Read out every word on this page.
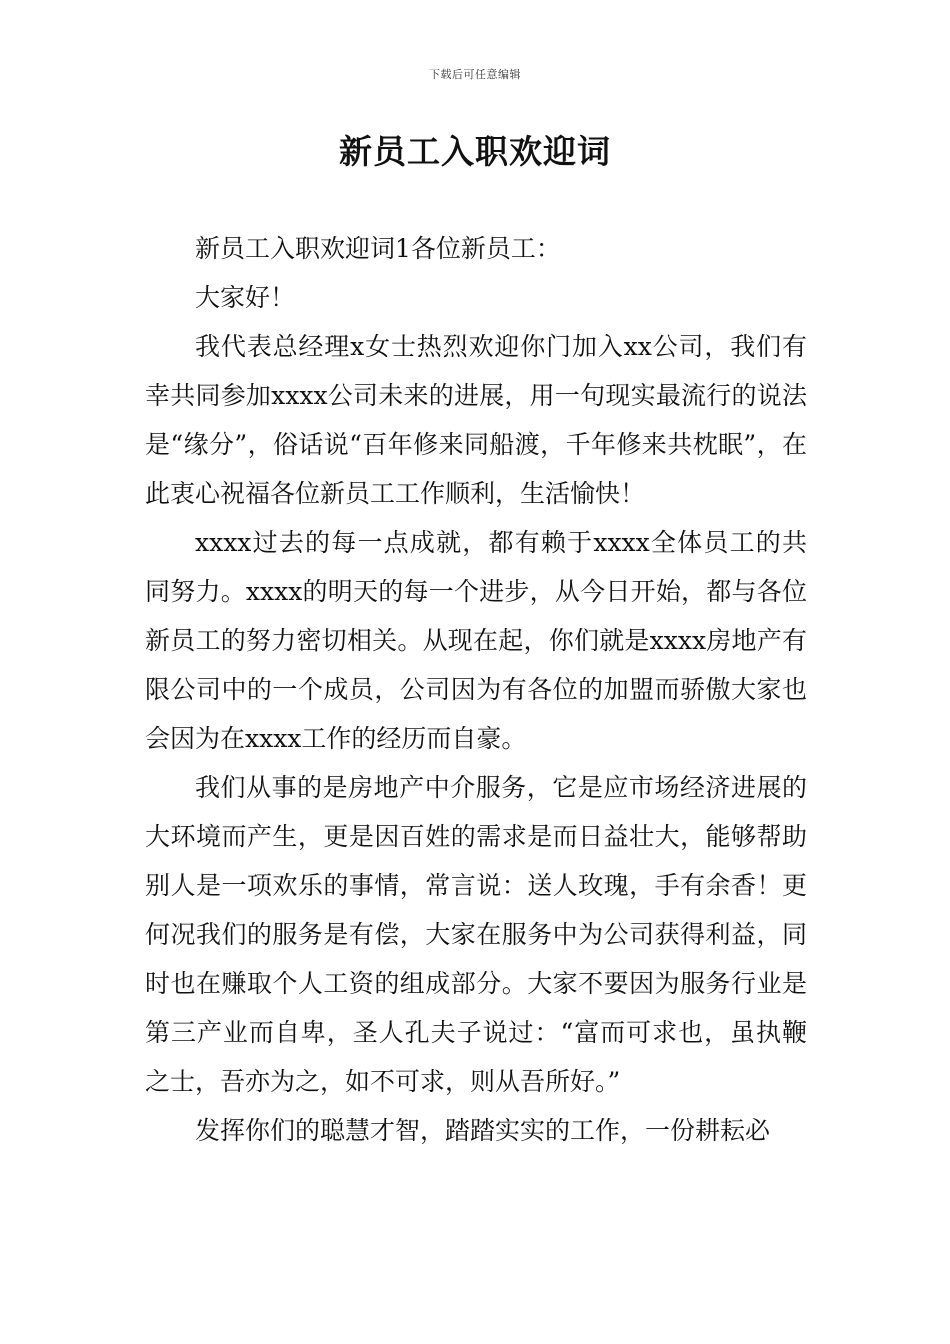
下载后可任意编辑
新员工入职欢迎词

新员工入职欢迎词1各位新员工：

大家好！

我代表总经理x女士热烈欢迎你门加入xx公司，我们有幸共同参加xxxx公司未来的进展，用一句现实最流行的说法是“缘分”，俗话说“百年修来同船渡，千年修来共枕眠”，在此衷心祝福各位新员工工作顺利，生活愉快！

xxxx过去的每一点成就，都有赖于xxxx全体员工的共同努力。xxxx的明天的每一个进步，从今日开始，都与各位新员工的努力密切相关。从现在起，你们就是xxxx房地产有限公司中的一个成员，公司因为有各位的加盟而骄傲大家也会因为在xxxx工作的经历而自豪。

我们从事的是房地产中介服务，它是应市场经济进展的大环境而产生，更是因百姓的需求是而日益壮大，能够帮助别人是一项欢乐的事情，常言说：送人玫瑰，手有余香！更何况我们的服务是有偿，大家在服务中为公司获得利益，同时也在赚取个人工资的组成部分。大家不要因为服务行业是第三产业而自卑，圣人孔夫子说过：“富而可求也，虽执鞭之士，吾亦为之，如不可求，则从吾所好。”

发挥你们的聪慧才智，踏踏实实的工作，一份耕耘必
